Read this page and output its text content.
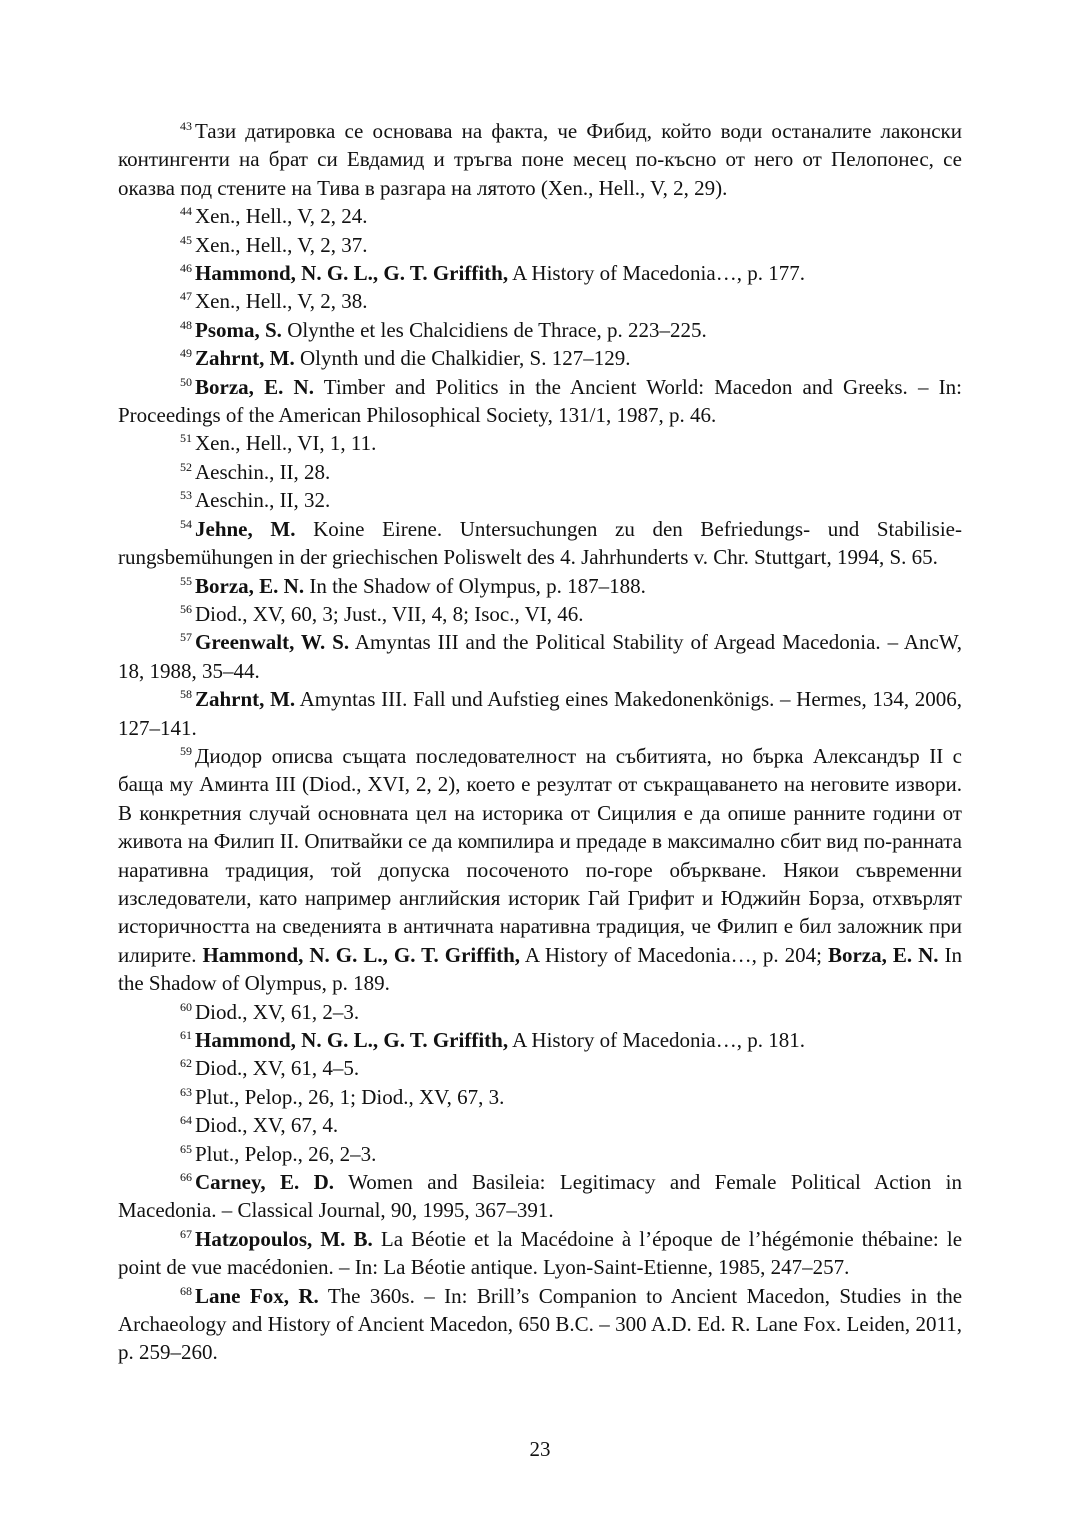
$^{43}$ Тази датировка се основава на факта, че Фибид, който води останалите лаконски контингенти на брат си Евдамид и тръгва поне месец по-късно от него от Пелопонес, се оказва под стените на Тива в разгара на лятото (Xen., Hell., V, 2, 29).

$^{44}$ Xen., Hell., V, 2, 24.

$^{45}$ Xen., Hell., V, 2, 37.

$^{46}$ Hammond, N. G. L., G. T. Griffith, A History of Macedonia…, p. 177.

$^{47}$ Xen., Hell., V, 2, 38.

$^{48}$ Psoma, S. Olynthe et les Chalcidiens de Thrace, p. 223–225.

$^{49}$ Zahrnt, M. Olynth und die Chalkidier, S. 127–129.

$^{50}$ Borza, E. N. Timber and Politics in the Ancient World: Macedon and Greeks. – In: Proceedings of the American Philosophical Society, 131/1, 1987, p. 46.

$^{51}$ Xen., Hell., VI, 1, 11.

$^{52}$ Aeschin., II, 28.

$^{53}$ Aeschin., II, 32.

$^{54}$ Jehne, M. Koine Eirene. Untersuchungen zu den Befriedungs- und Stabilisierungsbemühungen in der griechischen Poliswelt des 4. Jahrhunderts v. Chr. Stuttgart, 1994, S. 65.

$^{55}$ Borza, E. N. In the Shadow of Olympus, p. 187–188.

$^{56}$ Diod., XV, 60, 3; Just., VII, 4, 8; Isoc., VI, 46.

$^{57}$ Greenwalt, W. S. Amyntas III and the Political Stability of Argead Macedonia. – AncW, 18, 1988, 35–44.

$^{58}$ Zahrnt, M. Amyntas III. Fall und Aufstieg eines Makedonenkönigs. – Hermes, 134, 2006, 127–141.

$^{59}$ Диодор описва същата последователност на събитията, но бърка Александър II с баща му Аминта III (Diod., XVI, 2, 2), което е резултат от съкращаването на неговите извори. В конкретния случай основната цел на историка от Сицилия е да опише ранните години от живота на Филип II. Опитвайки се да компилира и предаде в максимално сбит вид по-ранната наративна традиция, той допуска посоченото по-горе объркване. Някои съвременни изследователи, като например английския историк Гай Грифит и Юджийн Борза, отхвърлят историчността на сведенията в античната наративна традиция, че Филип е бил заложник при илирите. Hammond, N. G. L., G. T. Griffith, A History of Macedonia…, p. 204; Borza, E. N. In the Shadow of Olympus, p. 189.

$^{60}$ Diod., XV, 61, 2–3.

$^{61}$ Hammond, N. G. L., G. T. Griffith, A History of Macedonia…, p. 181.

$^{62}$ Diod., XV, 61, 4–5.

$^{63}$ Plut., Pelop., 26, 1; Diod., XV, 67, 3.

$^{64}$ Diod., XV, 67, 4.

$^{65}$ Plut., Pelop., 26, 2–3.

$^{66}$ Carney, E. D. Women and Basileia: Legitimacy and Female Political Action in Macedonia. – Classical Journal, 90, 1995, 367–391.

$^{67}$ Hatzopoulos, M. B. La Béotie et la Macédoine à l’époque de l’hégémonie thébaine: le point de vue macédonien. – In: La Béotie antique. Lyon-Saint-Etienne, 1985, 247–257.

$^{68}$ Lane Fox, R. The 360s. – In: Brill’s Companion to Ancient Macedon, Studies in the Archaeology and History of Ancient Macedon, 650 B.C. – 300 A.D. Ed. R. Lane Fox. Leiden, 2011, p. 259–260.

23
